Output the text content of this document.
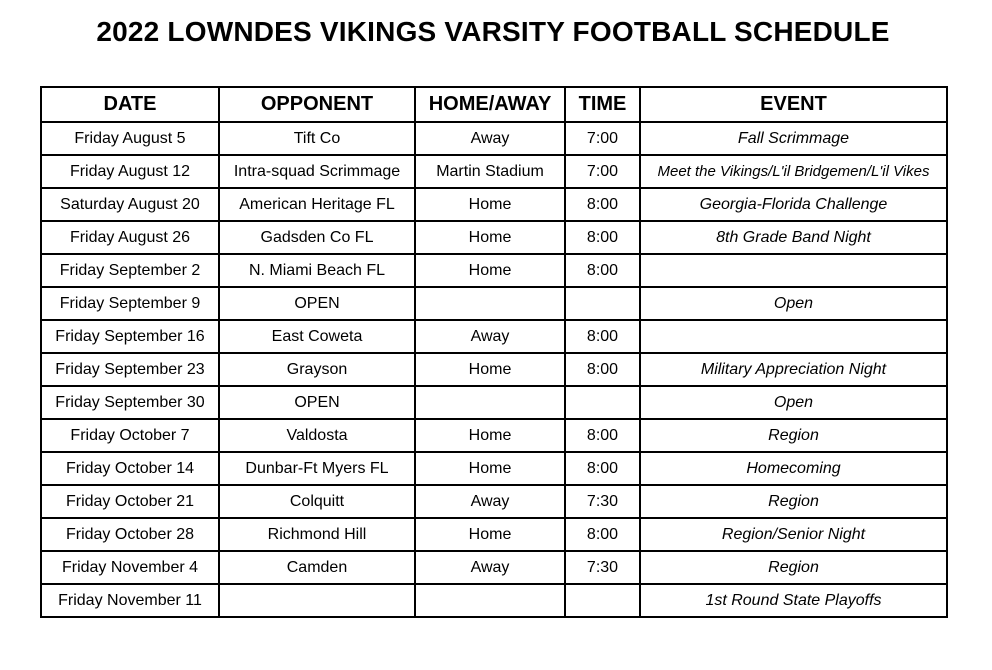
2022 LOWNDES VIKINGS VARSITY FOOTBALL SCHEDULE
DATE	OPPONENT	HOME/AWAY	TIME	EVENT
Friday August 5	Tift Co	Away	7:00	Fall Scrimmage
Friday August 12	Intra-squad Scrimmage	Martin Stadium	7:00	Meet the Vikings/L'il Bridgemen/L'il Vikes
Saturday August 20	American Heritage FL	Home	8:00	Georgia-Florida Challenge
Friday August 26	Gadsden Co FL	Home	8:00	8th Grade Band Night
Friday September 2	N. Miami Beach FL	Home	8:00	
Friday September 9	OPEN			Open
Friday September 16	East Coweta	Away	8:00	
Friday September 23	Grayson	Home	8:00	Military Appreciation Night
Friday September 30	OPEN			Open
Friday October 7	Valdosta	Home	8:00	Region
Friday October 14	Dunbar-Ft Myers FL	Home	8:00	Homecoming
Friday October 21	Colquitt	Away	7:30	Region
Friday October 28	Richmond Hill	Home	8:00	Region/Senior Night
Friday November 4	Camden	Away	7:30	Region
Friday November 11				1st Round State Playoffs
